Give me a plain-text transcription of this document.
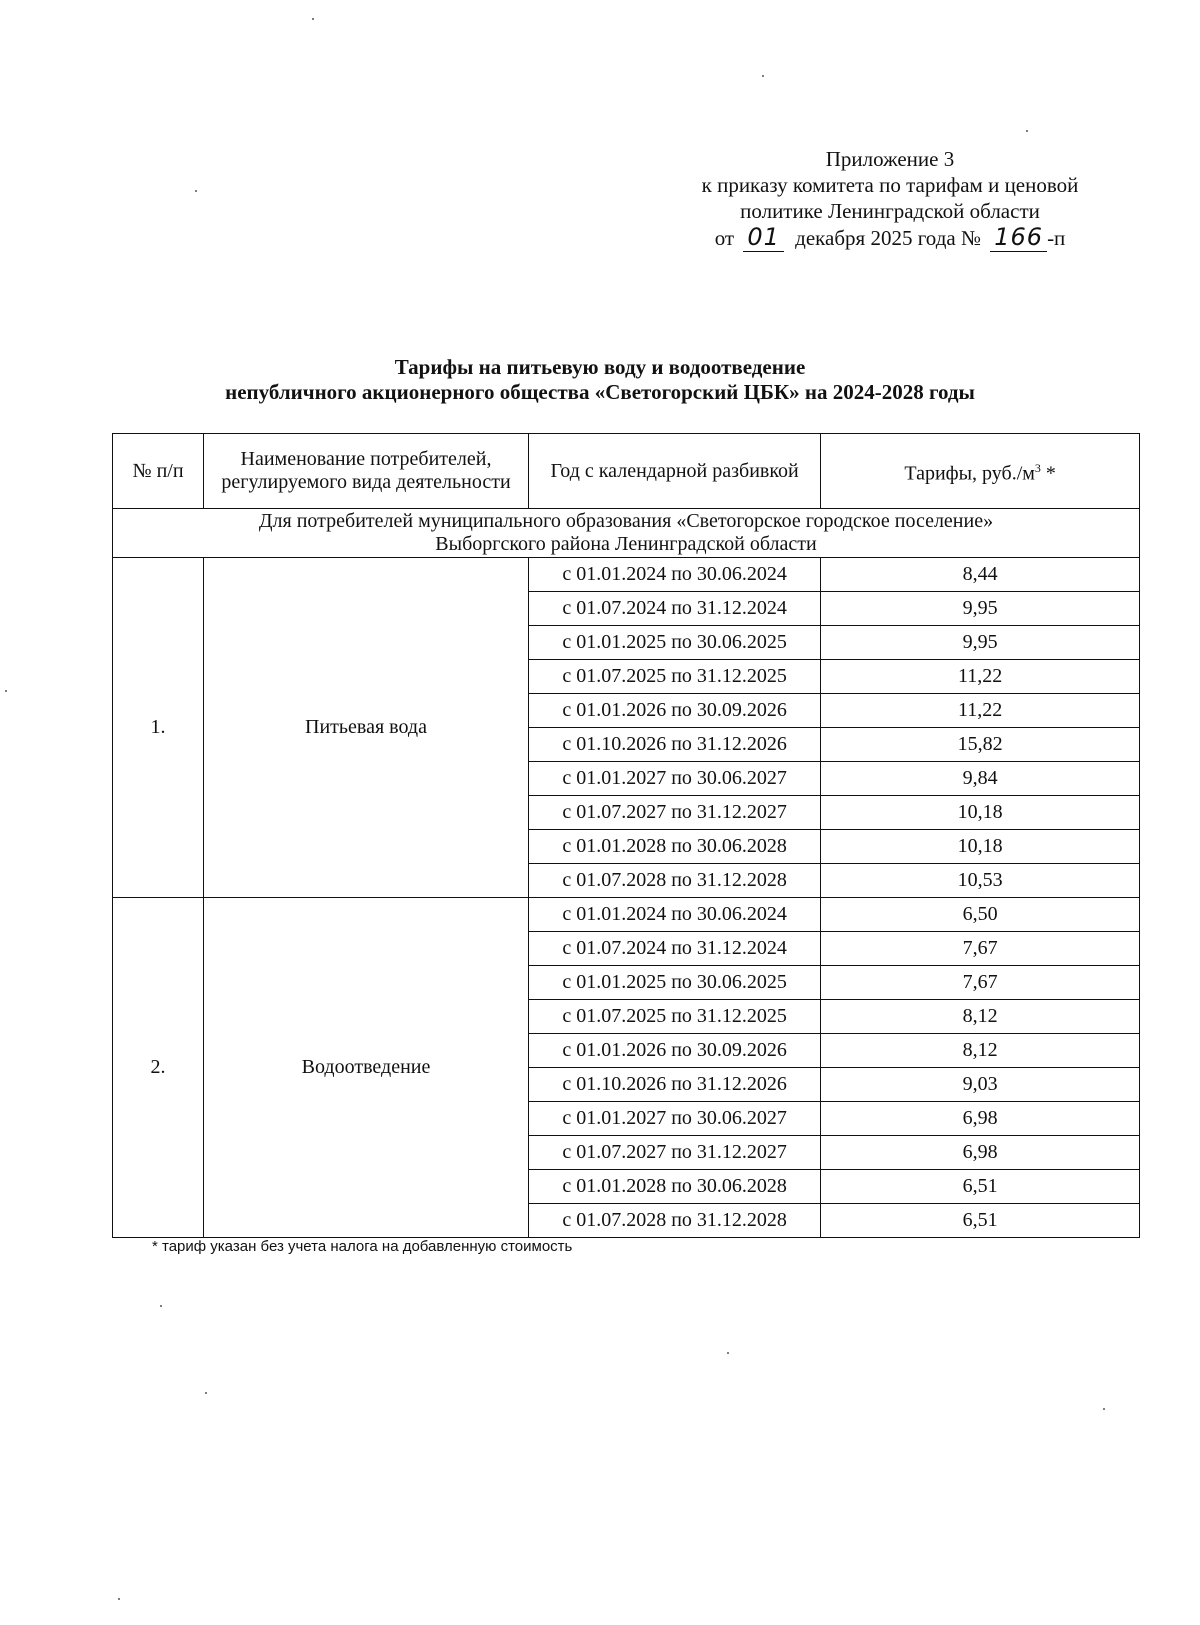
Приложение 3
к приказу комитета по тарифам и ценовой
политике Ленинградской области
от 01 декабря 2025 года № 166 -п
Тарифы на питьевую воду и водоотведение
непубличного акционерного общества «Светогорский ЦБК» на 2024-2028 годы
№ п/п	Наименование потребителей, регулируемого вида деятельности	Год с календарной разбивкой	Тарифы, $руб./м^3$ *
Для потребителей муниципального образования «Светогорское городское поселение» Выборгского района Ленинградской области			
1.	Питьевая вода	с 01.01.2024 по 30.06.2024	8,44
		с 01.07.2024 по 31.12.2024	9,95
		с 01.01.2025 по 30.06.2025	9,95
		с 01.07.2025 по 31.12.2025	11,22
		с 01.01.2026 по 30.09.2026	11,22
		с 01.10.2026 по 31.12.2026	15,82
		с 01.01.2027 по 30.06.2027	9,84
		с 01.07.2027 по 31.12.2027	10,18
		с 01.01.2028 по 30.06.2028	10,18
		с 01.07.2028 по 31.12.2028	10,53
2.	Водоотведение	с 01.01.2024 по 30.06.2024	6,50
		с 01.07.2024 по 31.12.2024	7,67
		с 01.01.2025 по 30.06.2025	7,67
		с 01.07.2025 по 31.12.2025	8,12
		с 01.01.2026 по 30.09.2026	8,12
		с 01.10.2026 по 31.12.2026	9,03
		с 01.01.2027 по 30.06.2027	6,98
		с 01.07.2027 по 31.12.2027	6,98
		с 01.01.2028 по 30.06.2028	6,51
		с 01.07.2028 по 31.12.2028	6,51
* тариф указан без учета налога на добавленную стоимость
